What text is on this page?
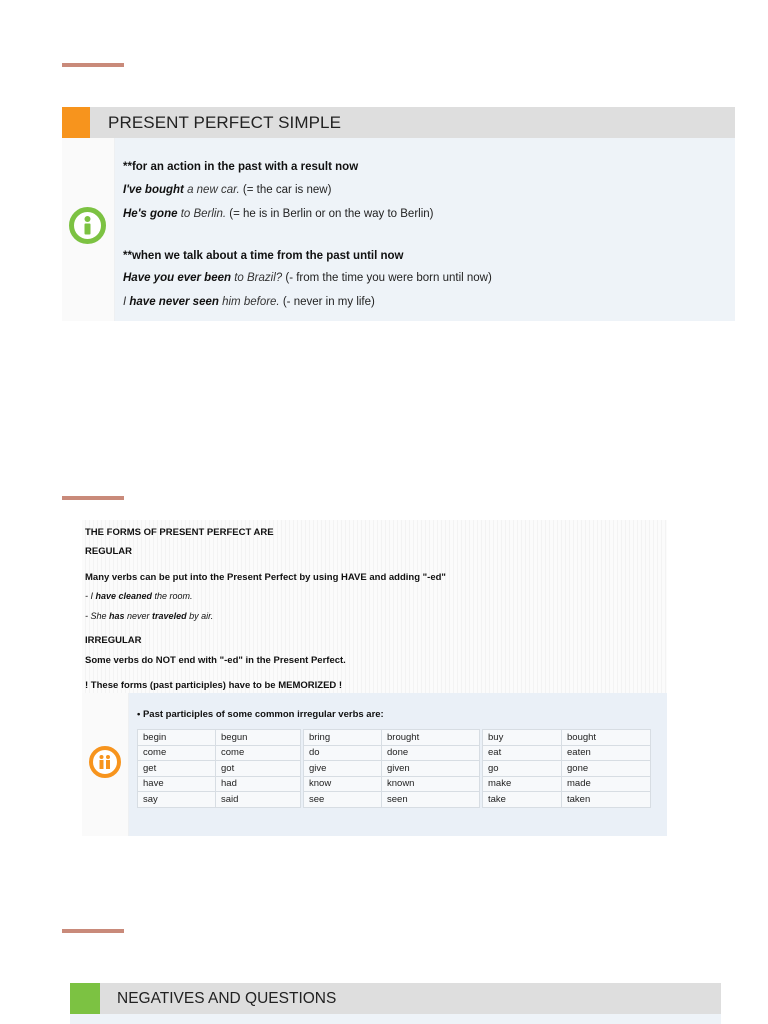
PRESENT PERFECT SIMPLE
**for an action in the past with a result now
I've bought a new car. (= the car is new)
He's gone to Berlin. (= he is in Berlin or on the way to Berlin)
**when we talk about a time from the past until now
Have you ever been to Brazil? (- from the time you were born until now)
I have never seen him before. (- never in my life)
THE FORMS OF PRESENT PERFECT ARE
REGULAR
Many verbs can be put into the Present Perfect by using HAVE and adding "-ed"
- I have cleaned the room.
- She has never traveled by air.
IRREGULAR
Some verbs do NOT end with "-ed" in the Present Perfect.
! These forms (past participles) have to be MEMORIZED !
• Past participles of some common irregular verbs are:
begin	begun		bring	brought		buy	bought
come	come		do	done		eat	eaten
get	got		give	given		go	gone
have	had		know	known		make	made
say	said		see	seen		take	taken
NEGATIVES AND QUESTIONS
